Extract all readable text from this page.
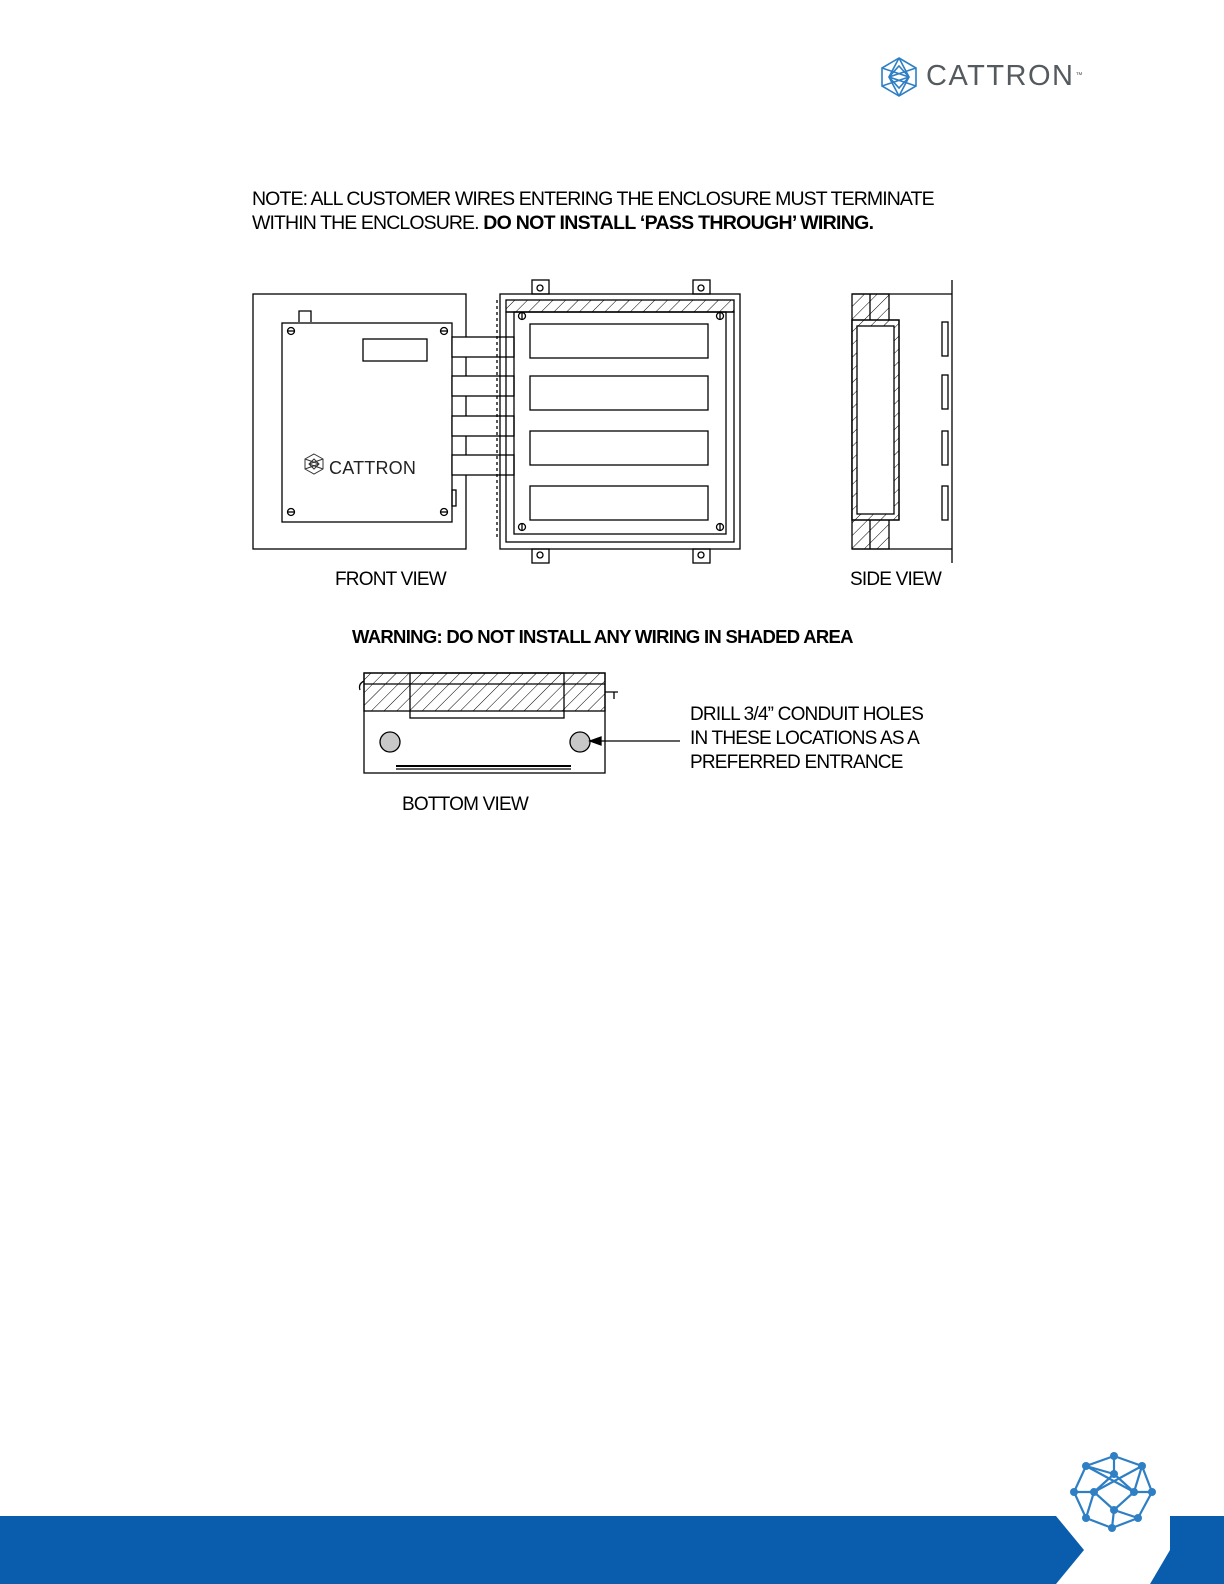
CATTRON™
NOTE: ALL CUSTOMER WIRES ENTERING THE ENCLOSURE MUST TERMINATE
WITHIN THE ENCLOSURE. DO NOT INSTALL ‘PASS THROUGH’ WIRING.
CATTRON
FRONT VIEW	SIDE VIEW
WARNING: DO NOT INSTALL ANY WIRING IN SHADED AREA
DRILL 3/4” CONDUIT HOLES
IN THESE LOCATIONS AS A
PREFERRED ENTRANCE
BOTTOM VIEW
